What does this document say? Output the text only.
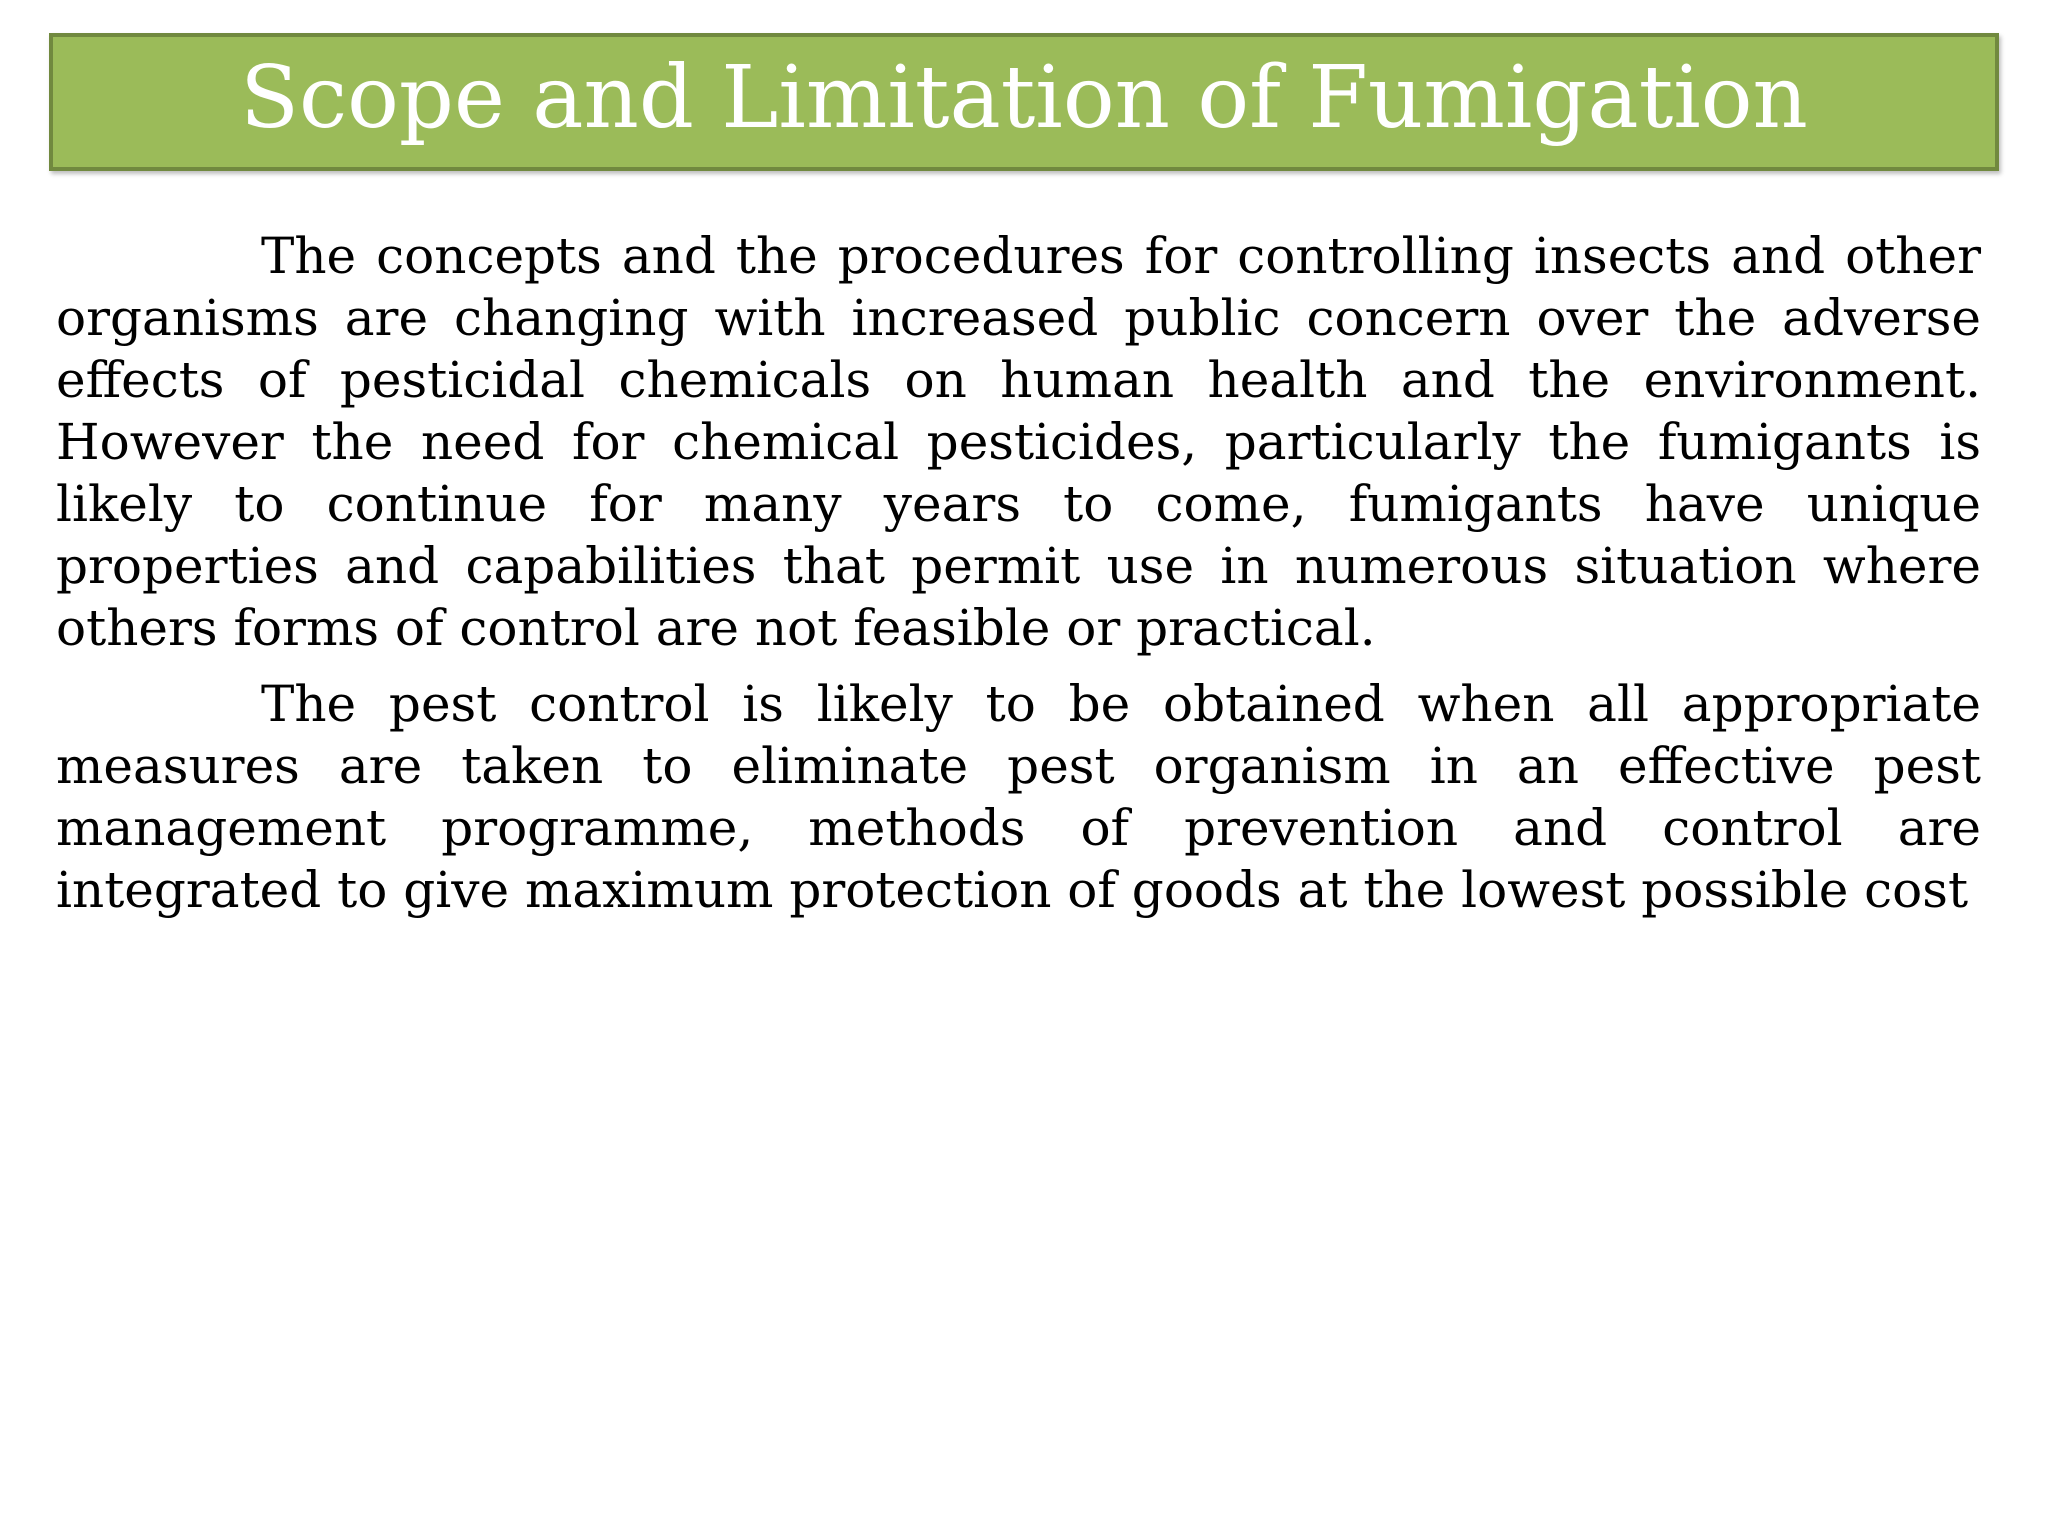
Scope and Limitation of Fumigation

The concepts and the procedures for controlling insects and other organisms are changing with increased public concern over the adverse effects of pesticidal chemicals on human health and the environment. However the need for chemical pesticides, particularly the fumigants is likely to continue for many years to come, fumigants have unique properties and capabilities that permit use in numerous situation where others forms of control are not feasible or practical.

The pest control is likely to be obtained when all appropriate measures are taken to eliminate pest organism in an effective pest management programme, methods of prevention and control are integrated to give maximum protection of goods at the lowest possible cost
